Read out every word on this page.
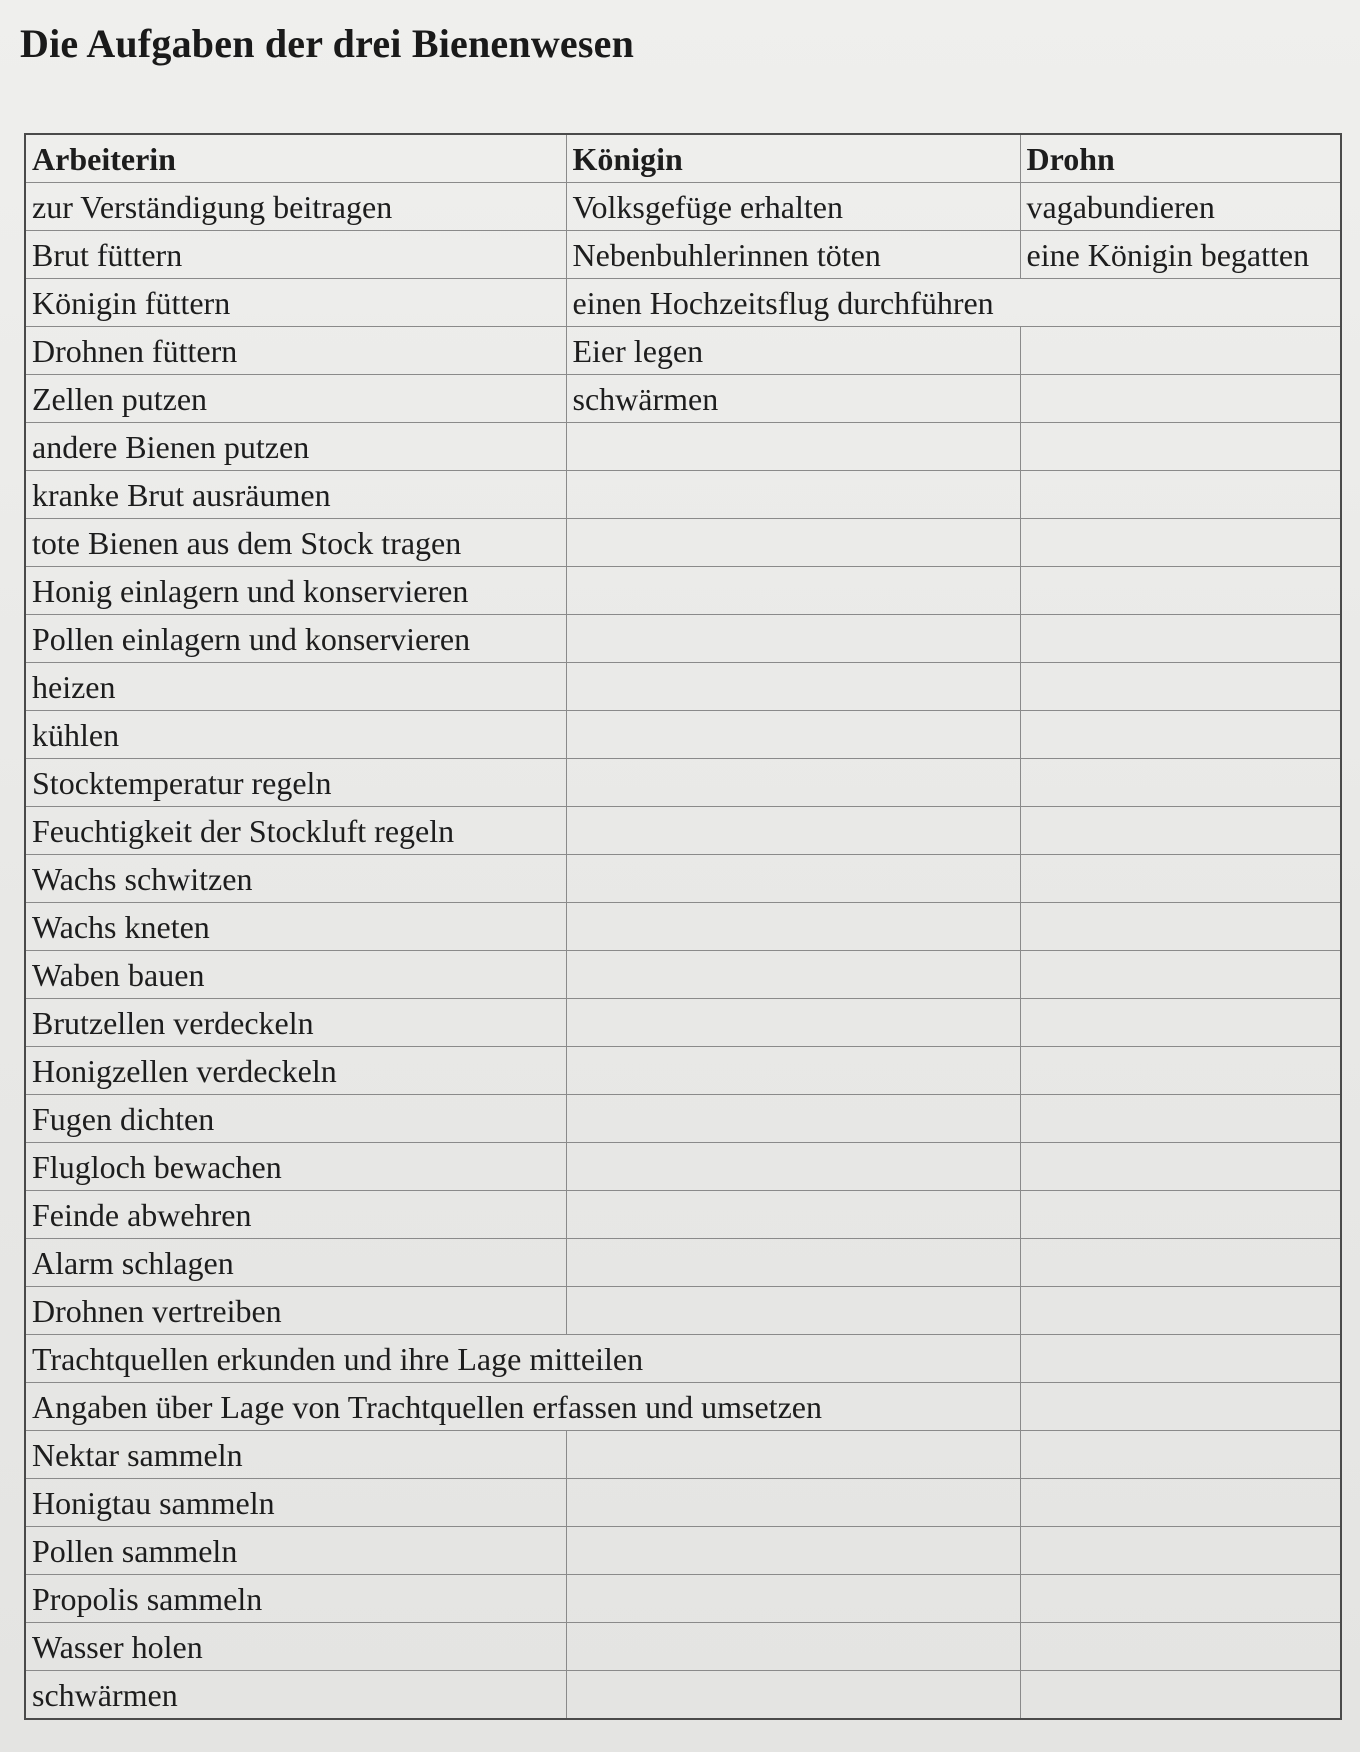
Die Aufgaben der drei Bienenwesen
Arbeiterin	Königin	Drohn
zur Verständigung beitragen	Volksgefüge erhalten	vagabundieren
Brut füttern	Nebenbuhlerinnen töten	eine Königin begatten
Königin füttern	einen Hochzeitsflug durchführen	
Drohnen füttern	Eier legen	
Zellen putzen	schwärmen	
andere Bienen putzen		
kranke Brut ausräumen		
tote Bienen aus dem Stock tragen		
Honig einlagern und konservieren		
Pollen einlagern und konservieren		
heizen		
kühlen		
Stocktemperatur regeln		
Feuchtigkeit der Stockluft regeln		
Wachs schwitzen		
Wachs kneten		
Waben bauen		
Brutzellen verdeckeln		
Honigzellen verdeckeln		
Fugen dichten		
Flugloch bewachen		
Feinde abwehren		
Alarm schlagen		
Drohnen vertreiben		
Trachtquellen erkunden und ihre Lage mitteilen		
Angaben über Lage von Trachtquellen erfassen und umsetzen		
Nektar sammeln		
Honigtau sammeln		
Pollen sammeln		
Propolis sammeln		
Wasser holen		
schwärmen		
